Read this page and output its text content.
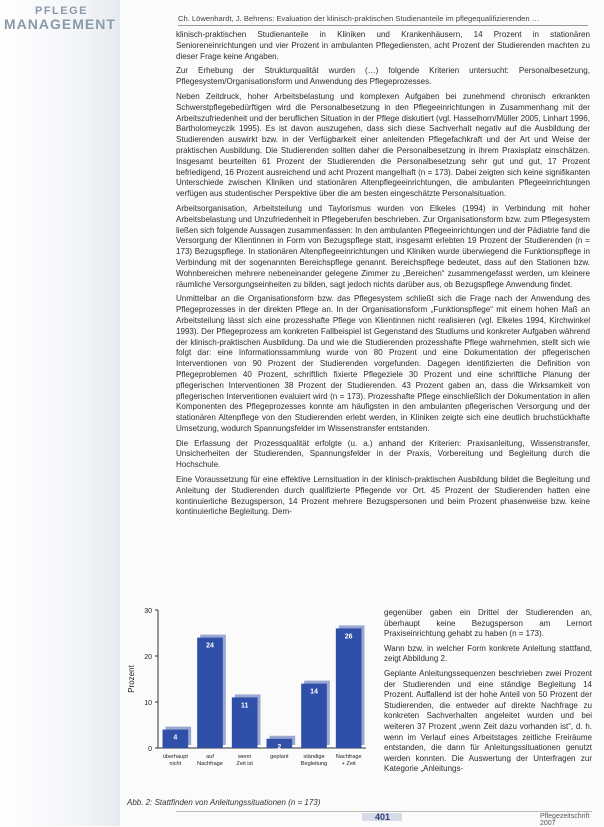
PFLEGE
MANAGEMENT	Ch. Löwenhardt, J. Behrens: Evaluation der klinisch-praktischen Studienanteile im pflegequalifizierenden …

klinisch-praktischen Studienanteile in Kliniken und Krankenhäusern, 14 Prozent in stationären Senioreneinrichtungen und vier Prozent in ambulanten Pflegediensten, acht Prozent der Studierenden machten zu dieser Frage keine Angaben.

Zur Erhebung der Strukturqualität wurden (…) folgende Kriterien untersucht: Personalbesetzung, Pflegesystem/Organisationsform und Anwendung des Pflegeprozesses.

Neben Zeitdruck, hoher Arbeitsbelastung und komplexen Aufgaben bei zunehmend chronisch erkrankten Schwerstpflegebedürftigen wird die Personalbesetzung in den Pflegeeinrichtungen in Zusammenhang mit der Arbeitszufriedenheit und der beruflichen Situation in der Pflege diskutiert (vgl. Hasselhorn/Müller 2005, Linhart 1996, Bartholomeyczik 1995). Es ist davon auszugehen, dass sich diese Sachverhalt negativ auf die Ausbildung der Studierenden auswirkt bzw. in der Verfügbarkeit einer anleitenden Pflegefachkraft und der Art und Weise der praktischen Ausbildung. Die Studierenden sollten daher die Personalbesetzung in ihrem Praxisplatz einschätzen. Insgesamt beurteilten 61 Prozent der Studierenden die Personalbesetzung sehr gut und gut, 17 Prozent befriedigend, 16 Prozent ausreichend und acht Prozent mangelhaft (n = 173). Dabei zeigten sich keine signifikanten Unterschiede zwischen Kliniken und stationären Altenpflegeeinrichtungen, die ambulanten Pflegeeinrichtungen verfügen aus studentischer Perspektive über die am besten eingeschätzte Personalsituation.

Arbeitsorganisation, Arbeitsteilung und Taylorismus wurden von Elkeles (1994) in Verbindung mit hoher Arbeitsbelastung und Unzufriedenheit in Pflegeberufen beschrieben. Zur Organisationsform bzw. zum Pflegesystem ließen sich folgende Aussagen zusammenfassen: In den ambulanten Pflegeeinrichtungen und der Pädiatrie fand die Versorgung der Klientinnen in Form von Bezugspflege statt, insgesamt erlebten 19 Prozent der Studierenden (n = 173) Bezugspflege. In stationären Altenpflegeeinrichtungen und Kliniken wurde überwiegend die Funktionspflege in Verbindung mit der sogenannten Bereichspflege genannt. Bereichspflege bedeutet, dass auf den Stationen bzw. Wohnbereichen mehrere nebeneinander gelegene Zimmer zu „Bereichen“ zusammengefasst werden, um kleinere räumliche Versorgungseinheiten zu bilden, sagt jedoch nichts darüber aus, ob Bezugspflege Anwendung findet.

Unmittelbar an die Organisationsform bzw. das Pflegesystem schließt sich die Frage nach der Anwendung des Pflegeprozesses in der direkten Pflege an. In der Organisationsform „Funktionspflege“ mit einem hohen Maß an Arbeitsteilung lässt sich eine prozesshafte Pflege von Klientinnen nicht realisieren (vgl. Elkeles 1994, Kirchwinkel 1993). Der Pflegeprozess am konkreten Fallbeispiel ist Gegenstand des Studiums und konkreter Aufgaben während der klinisch-praktischen Ausbildung. Da und wie die Studierenden prozesshafte Pflege wahrnehmen, stellt sich wie folgt dar: eine Informationssammlung wurde von 80 Prozent und eine Dokumentation der pflegerischen Interventionen von 90 Prozent der Studierenden vorgefunden. Dagegen identifizierten die Definition von Pflegeproblemen 40 Prozent, schriftlich fixierte Pflegeziele 30 Prozent und eine schriftliche Planung der pflegerischen Interventionen 38 Prozent der Studierenden. 43 Prozent gaben an, dass die Wirksamkeit von pflegerischen Interventionen evaluiert wird (n = 173). Prozesshafte Pflege einschließlich der Dokumentation in allen Komponenten des Pflegeprozesses konnte am häufigsten in den ambulanten pflegerischen Versorgung und der stationären Altenpflege von den Studierenden erlebt werden, in Kliniken zeigte sich eine deutlich bruchstückhafte Umsetzung, wodurch Spannungsfelder im Wissenstransfer entstanden.

Die Erfassung der Prozessqualität erfolgte (u. a.) anhand der Kriterien: Praxisanleitung, Wissenstransfer, Unsicherheiten der Studierenden, Spannungsfelder in der Praxis, Vorbereitung und Begleitung durch die Hochschule.

Eine Voraussetzung für eine effektive Lernsituation in der klinisch-praktischen Ausbildung bildet die Begleitung und Anleitung der Studierenden durch qualifizierte Pflegende vor Ort. 45 Prozent der Studierenden hatten eine kontinuierliche Bezugsperson, 14 Prozent mehrere Bezugspersonen und beim Prozent phasenweise bzw. keine kontinuierliche Begleitung. Dem-

0
10
20
30
Prozent
4
überhaupt
nicht
24
auf
Nachfrage
11
wenn
Zeit ist
2
geplant
14
ständige
Begleitung
26
Nachfrage
+ Zeit
Abb. 2: Stattfinden von Anleitungssituationen (n = 173)

gegenüber gaben ein Drittel der Studierenden an, überhaupt keine Bezugsperson am Lernort Praxiseinrichtung gehabt zu haben (n = 173).

Wann bzw. in welcher Form konkrete Anleitung stattfand, zeigt Abbildung 2.

Geplante Anleitungssequenzen beschrieben zwei Prozent der Studierenden und eine ständige Begleitung 14 Prozent. Auffallend ist der hohe Anteil von 50 Prozent der Studierenden, die entweder auf direkte Nachfrage zu konkreten Sachverhalten angeleitet wurden und bei weiteren 37 Prozent „wenn Zeit dazu vorhanden ist“, d. h. wenn im Verlauf eines Arbeitstages zeitliche Freiräume entstanden, die dann für Anleitungssituationen genutzt werden konnten. Die Auswertung der Unterfragen zur Kategorie „Anleitungs-

401	Pflegezeitschrift 2007
